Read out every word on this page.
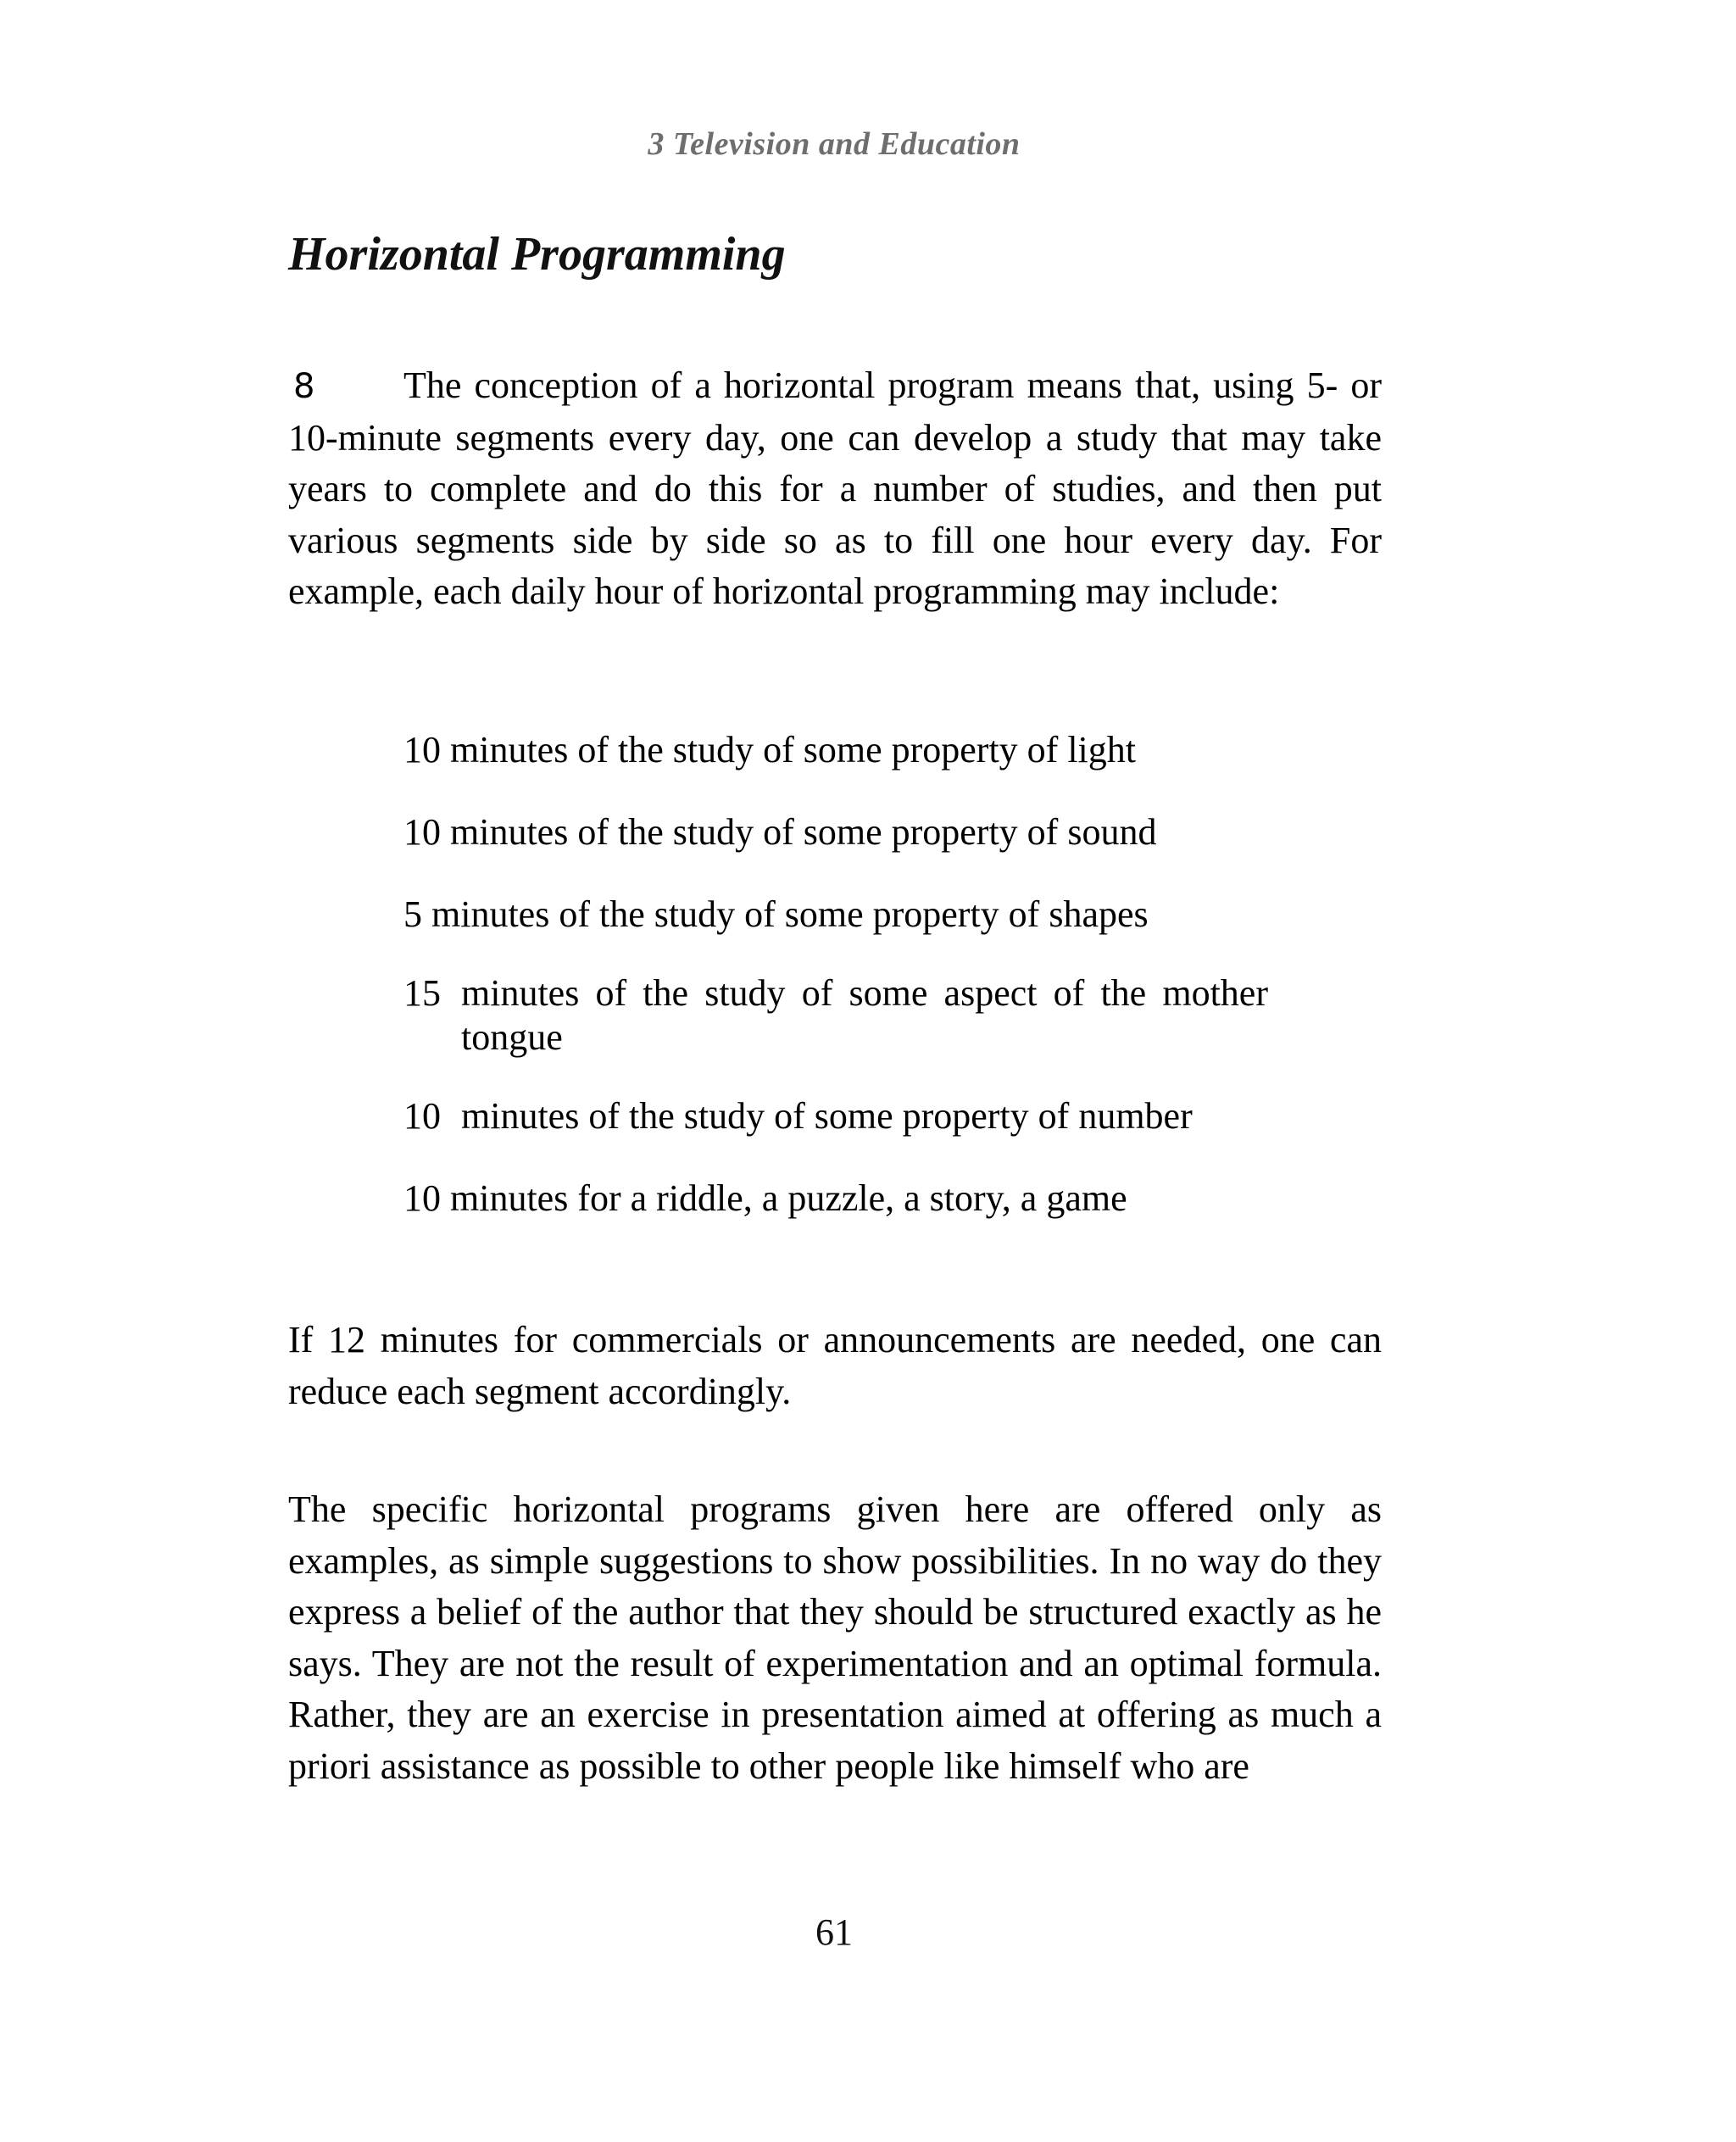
3 Television and Education
Horizontal Programming

8 The conception of a horizontal program means that, using 5- or 10-minute segments every day, one can develop a study that may take years to complete and do this for a number of studies, and then put various segments side by side so as to fill one hour every day. For example, each daily hour of horizontal programming may include:

10 minutes of the study of some property of light
10 minutes of the study of some property of sound
5 minutes of the study of some property of shapes
15 minutes of the study of some aspect of the mother tongue
10 minutes of the study of some property of number
10 minutes for a riddle, a puzzle, a story, a game

If 12 minutes for commercials or announcements are needed, one can reduce each segment accordingly.

The specific horizontal programs given here are offered only as examples, as simple suggestions to show possibilities. In no way do they express a belief of the author that they should be structured exactly as he says. They are not the result of experimentation and an optimal formula. Rather, they are an exercise in presentation aimed at offering as much a priori assistance as possible to other people like himself who are

61
